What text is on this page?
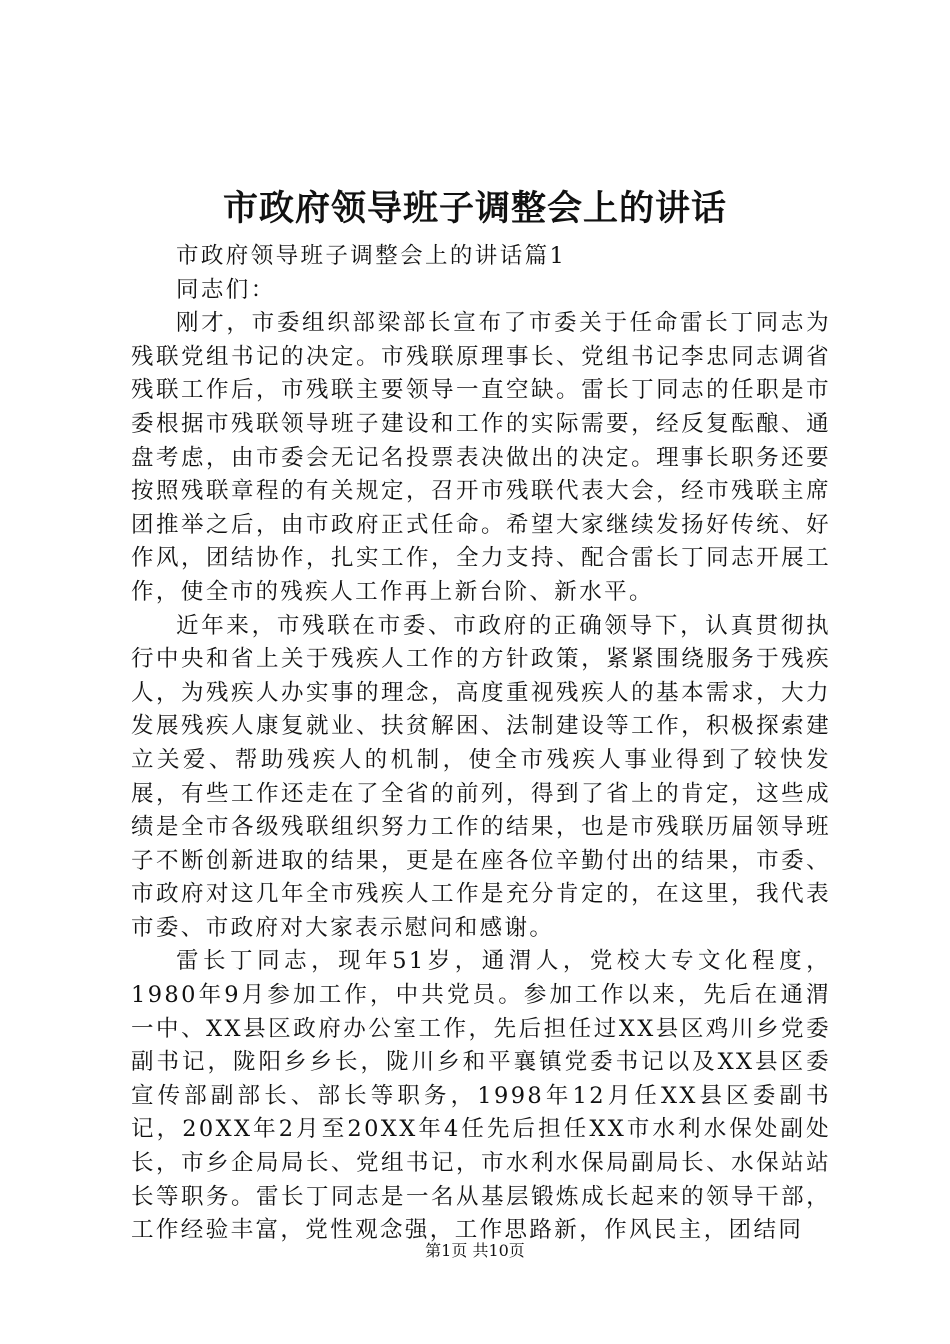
市政府领导班子调整会上的讲话

市政府领导班子调整会上的讲话篇1

同志们：

刚才，市委组织部梁部长宣布了市委关于任命雷长丁同志为残联党组书记的决定。市残联原理事长、党组书记李忠同志调省残联工作后，市残联主要领导一直空缺。雷长丁同志的任职是市委根据市残联领导班子建设和工作的实际需要，经反复酝酿、通盘考虑，由市委会无记名投票表决做出的决定。理事长职务还要按照残联章程的有关规定，召开市残联代表大会，经市残联主席团推举之后，由市政府正式任命。希望大家继续发扬好传统、好作风，团结协作，扎实工作，全力支持、配合雷长丁同志开展工作，使全市的残疾人工作再上新台阶、新水平。

近年来，市残联在市委、市政府的正确领导下，认真贯彻执行中央和省上关于残疾人工作的方针政策，紧紧围绕服务于残疾人，为残疾人办实事的理念，高度重视残疾人的基本需求，大力发展残疾人康复就业、扶贫解困、法制建设等工作，积极探索建立关爱、帮助残疾人的机制，使全市残疾人事业得到了较快发展，有些工作还走在了全省的前列，得到了省上的肯定，这些成绩是全市各级残联组织努力工作的结果，也是市残联历届领导班子不断创新进取的结果，更是在座各位辛勤付出的结果，市委、市政府对这几年全市残疾人工作是充分肯定的，在这里，我代表市委、市政府对大家表示慰问和感谢。

雷长丁同志，现年51岁，通渭人，党校大专文化程度，1980年9月参加工作，中共党员。参加工作以来，先后在通渭一中、XX县区政府办公室工作，先后担任过XX县区鸡川乡党委副书记，陇阳乡乡长，陇川乡和平襄镇党委书记以及XX县区委宣传部副部长、部长等职务，1998年12月任XX县区委副书记，20XX年2月至20XX年4任先后担任XX市水利水保处副处长，市乡企局局长、党组书记，市水利水保局副局长、水保站站长等职务。雷长丁同志是一名从基层锻炼成长起来的领导干部，工作经验丰富，党性观念强，工作思路新，作风民主，团结同

第1页 共10页
